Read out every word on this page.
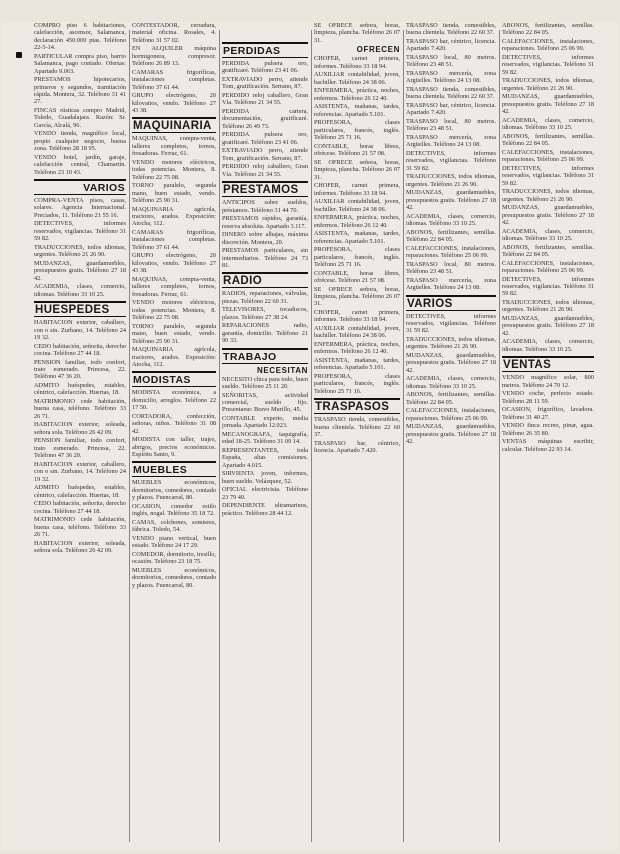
COMPRO piso 6 habitaciones, calefacción, ascensor, Salamanca, declaración 450.000 ptas. Teléfono 22-5-14.

PARTICULAR compra piso, barrio Salamanca, pago contado. Ofertas: Apartado 9.063.

PRESTAMOS hipotecarios, primeros y segundos, tramitación rápida. Montera, 32. Teléfono 31 41 27.

FINCAS rústicas compro Madrid, Toledo, Guadalajara. Razón: Sr. García, Alcalá, 96.

VENDO tienda, magnífico local, propio cualquier negocio, buena zona. Teléfono 28 18 95.

VENDO hotel, jardín, garaje, calefacción central, Chamartín. Teléfono 23 10 43.

VARIOS

COMPRA-VENTA pisos, casas, solares. Agencia Internacional. Preciados, 11. Teléfono 21 55 16.

DETECTIVES, informes reservados, vigilancias. Teléfono 31 59 82.

TRADUCCIONES, todos idiomas, urgentes. Teléfono 21 26 90.

MUDANZAS, guardamuebles, presupuestos gratis. Teléfono 27 18 42.

ACADEMIA, clases, comercio, idiomas. Teléfono 33 10 25.

HUESPEDES

HABITACION exterior, caballero, con o sin. Zurbano, 14. Teléfono 24 19 32.

CEDO habitación, señorita, derecho cocina. Teléfono 27 44 18.

PENSION familiar, todo confort, trato esmerado. Princesa, 22. Teléfono 47 36 20.

ADMITO huéspedes, estables, céntrico, calefacción. Huertas, 18.

MATRIMONIO cede habitación, buena casa, teléfono. Teléfono 33 26 71.

HABITACION exterior, soleada, señora sola. Teléfono 26 42 09.

PENSION familiar, todo confort, trato esmerado. Princesa, 22. Teléfono 47 36 20.

HABITACION exterior, caballero, con o sin. Zurbano, 14. Teléfono 24 19 32.

ADMITO huéspedes, estables, céntrico, calefacción. Huertas, 18.

CEDO habitación, señorita, derecho cocina. Teléfono 27 44 18.

MATRIMONIO cede habitación, buena casa, teléfono. Teléfono 33 26 71.

HABITACION exterior, soleada, señora sola. Teléfono 26 42 09.

CONTESTADOR, cerradura, material oficina. Rosales, 4. Teléfono 31 57 02.

EN ALQUILER máquina hormigonera, compresor. Teléfono 26 89 13.

CAMARAS frigoríficas, instalaciones completas. Teléfono 37 61 44.

GRUPO electrógeno, 20 kilovatios, vendo. Teléfono 27 43 38.

MAQUINARIA

MAQUINAS, compra-venta, talleres completos, tornos, fresadoras. Ferraz, 61.

VENDO motores eléctricos, todas potencias. Montera, 8. Teléfono 22 75 08.

TORNO paralelo, segunda mano, buen estado, vendo. Teléfono 25 90 31.

MAQUINARIA agrícola, tractores, arados. Exposición: Atocha, 112.

CAMARAS frigoríficas, instalaciones completas. Teléfono 37 61 44.

GRUPO electrógeno, 20 kilovatios, vendo. Teléfono 27 43 38.

MAQUINAS, compra-venta, talleres completos, tornos, fresadoras. Ferraz, 61.

VENDO motores eléctricos, todas potencias. Montera, 8. Teléfono 22 75 08.

TORNO paralelo, segunda mano, buen estado, vendo. Teléfono 25 90 31.

MAQUINARIA agrícola, tractores, arados. Exposición: Atocha, 112.

MODISTAS

MODISTA económica, a domicilio, arreglos. Teléfono 22 17 50.

CORTADORA, confección, señoras, niños. Teléfono 31 08 42.

MODISTA con taller, trajes, abrigos, precios económicos. Espíritu Santo, 9.

MUEBLES

MUEBLES económicos, dormitorios, comedores, contado y plazos. Fuencarral, 80.

OCASION, comedor estilo inglés, nogal. Teléfono 35 18 72.

CAMAS, colchones, somieres, fábrica. Toledo, 54.

VENDO piano vertical, buen estado. Teléfono 24 17 29.

COMEDOR, dormitorio, tresillo, ocasión. Teléfono 23 18 75.

MUEBLES económicos, dormitorios, comedores, contado y plazos. Fuencarral, 80.

PERDIDAS

PERDIDA pulsera oro, gratificaré. Teléfono 23 41 06.

EXTRAVIADO perro, atiende Tom, gratificación. Serrano, 87.

PERDIDO reloj caballero, Gran Vía. Teléfono 21 34 55.

PERDIDA cartera, documentación, gratificaré. Teléfono 26 49 73.

PERDIDA pulsera oro, gratificaré. Teléfono 23 41 06.

EXTRAVIADO perro, atiende Tom, gratificación. Serrano, 87.

PERDIDO reloj caballero, Gran Vía. Teléfono 21 34 55.

PRESTAMOS

ANTICIPOS sobre sueldos, préstamos. Teléfono 31 44 70.

PRESTAMOS rápidos, garantía, reserva absoluta. Apartado 3.117.

DINERO sobre alhajas, máxima discreción. Montera, 20.

PRESTAMOS particulares, sin intermediarios. Teléfono 24 73 81.

RADIO

RADIOS, reparaciones, válvulas, piezas. Teléfono 22 60 31.

TELEVISORES, tocadiscos, plazos. Teléfono 27 38 24.

REPARACIONES radio, garantía, domicilio. Teléfono 21 90 33.

TRABAJO
NECESITAN

NECESITO chica para todo, buen sueldo. Teléfono 25 11 20.

SEÑORITAS, actividad comercial, sueldo fijo. Presentarse: Bravo Murillo, 45.

CONTABLE experto, media jornada. Apartado 12.023.

MECANOGRAFA, taquigrafía, edad 18-25. Teléfono 31 09 14.

REPRESENTANTES, toda España, altas comisiones. Apartado 4.015.

SIRVIENTA joven, informes, buen sueldo. Velázquez, 52.

OFICIAL electricista. Teléfono 23 79 40.

DEPENDIENTE ultramarinos, práctico. Teléfono 28 44 12.

SE OFRECE señora, horas, limpieza, plancha. Teléfono 26 07 31.

OFRECEN

CHOFER, carnet primera, informes. Teléfono 33 18 94.

AUXILIAR contabilidad, joven, bachiller. Teléfono 24 38 06.

ENFERMERA, práctica, noches, enfermos. Teléfono 26 12 40.

ASISTENTA, mañanas, tardes, referencias. Apartado 5.101.

PROFESORA, clases particulares, francés, inglés. Teléfono 25 71 16.

CONTABLE, horas libres, ofrécese. Teléfono 21 57 08.

SE OFRECE señora, horas, limpieza, plancha. Teléfono 26 07 31.

CHOFER, carnet primera, informes. Teléfono 33 18 94.

AUXILIAR contabilidad, joven, bachiller. Teléfono 24 38 06.

ENFERMERA, práctica, noches, enfermos. Teléfono 26 12 40.

ASISTENTA, mañanas, tardes, referencias. Apartado 5.101.

PROFESORA, clases particulares, francés, inglés. Teléfono 25 71 16.

CONTABLE, horas libres, ofrécese. Teléfono 21 57 08.

SE OFRECE señora, horas, limpieza, plancha. Teléfono 26 07 31.

CHOFER, carnet primera, informes. Teléfono 33 18 94.

AUXILIAR contabilidad, joven, bachiller. Teléfono 24 38 06.

ENFERMERA, práctica, noches, enfermos. Teléfono 26 12 40.

ASISTENTA, mañanas, tardes, referencias. Apartado 5.101.

PROFESORA, clases particulares, francés, inglés. Teléfono 25 71 16.

TRASPASOS

TRASPASO tienda, comestibles, buena clientela. Teléfono 22 60 37.

TRASPASO bar, céntrico, licencia. Apartado 7.420.

TRASPASO tienda, comestibles, buena clientela. Teléfono 22 60 37.

TRASPASO bar, céntrico, licencia. Apartado 7.420.

TRASPASO local, 80 metros. Teléfono 23 48 51.

TRASPASO mercería, zona Argüelles. Teléfono 24 13 08.

TRASPASO tienda, comestibles, buena clientela. Teléfono 22 60 37.

TRASPASO bar, céntrico, licencia. Apartado 7.420.

TRASPASO local, 80 metros. Teléfono 23 48 51.

TRASPASO mercería, zona Argüelles. Teléfono 24 13 08.

DETECTIVES, informes reservados, vigilancias. Teléfono 31 59 82.

TRADUCCIONES, todos idiomas, urgentes. Teléfono 21 26 90.

MUDANZAS, guardamuebles, presupuestos gratis. Teléfono 27 18 42.

ACADEMIA, clases, comercio, idiomas. Teléfono 33 10 25.

ABONOS, fertilizantes, semillas. Teléfono 22 84 05.

CALEFACCIONES, instalaciones, reparaciones. Teléfono 25 06 99.

TRASPASO local, 80 metros. Teléfono 23 48 51.

TRASPASO mercería, zona Argüelles. Teléfono 24 13 08.

VARIOS

DETECTIVES, informes reservados, vigilancias. Teléfono 31 59 82.

TRADUCCIONES, todos idiomas, urgentes. Teléfono 21 26 90.

MUDANZAS, guardamuebles, presupuestos gratis. Teléfono 27 18 42.

ACADEMIA, clases, comercio, idiomas. Teléfono 33 10 25.

ABONOS, fertilizantes, semillas. Teléfono 22 84 05.

CALEFACCIONES, instalaciones, reparaciones. Teléfono 25 06 99.

MUDANZAS, guardamuebles, presupuestos gratis. Teléfono 27 18 42.

ABONOS, fertilizantes, semillas. Teléfono 22 84 05.

CALEFACCIONES, instalaciones, reparaciones. Teléfono 25 06 99.

DETECTIVES, informes reservados, vigilancias. Teléfono 31 59 82.

TRADUCCIONES, todos idiomas, urgentes. Teléfono 21 26 90.

MUDANZAS, guardamuebles, presupuestos gratis. Teléfono 27 18 42.

ACADEMIA, clases, comercio, idiomas. Teléfono 33 10 25.

ABONOS, fertilizantes, semillas. Teléfono 22 84 05.

CALEFACCIONES, instalaciones, reparaciones. Teléfono 25 06 99.

DETECTIVES, informes reservados, vigilancias. Teléfono 31 59 82.

TRADUCCIONES, todos idiomas, urgentes. Teléfono 21 26 90.

MUDANZAS, guardamuebles, presupuestos gratis. Teléfono 27 18 42.

ACADEMIA, clases, comercio, idiomas. Teléfono 33 10 25.

ABONOS, fertilizantes, semillas. Teléfono 22 84 05.

CALEFACCIONES, instalaciones, reparaciones. Teléfono 25 06 99.

DETECTIVES, informes reservados, vigilancias. Teléfono 31 59 82.

TRADUCCIONES, todos idiomas, urgentes. Teléfono 21 26 90.

MUDANZAS, guardamuebles, presupuestos gratis. Teléfono 27 18 42.

ACADEMIA, clases, comercio, idiomas. Teléfono 33 10 25.

VENTAS

VENDO magnífico solar, 800 metros. Teléfono 24 70 12.

VENDO coche, perfecto estado. Teléfono 28 11 59.

OCASION, frigorífico, lavadora. Teléfono 31 40 27.

VENDO finca recreo, pinar, agua. Teléfono 26 35 80.

VENTAS máquinas escribir, calcular. Teléfono 22 93 14.
